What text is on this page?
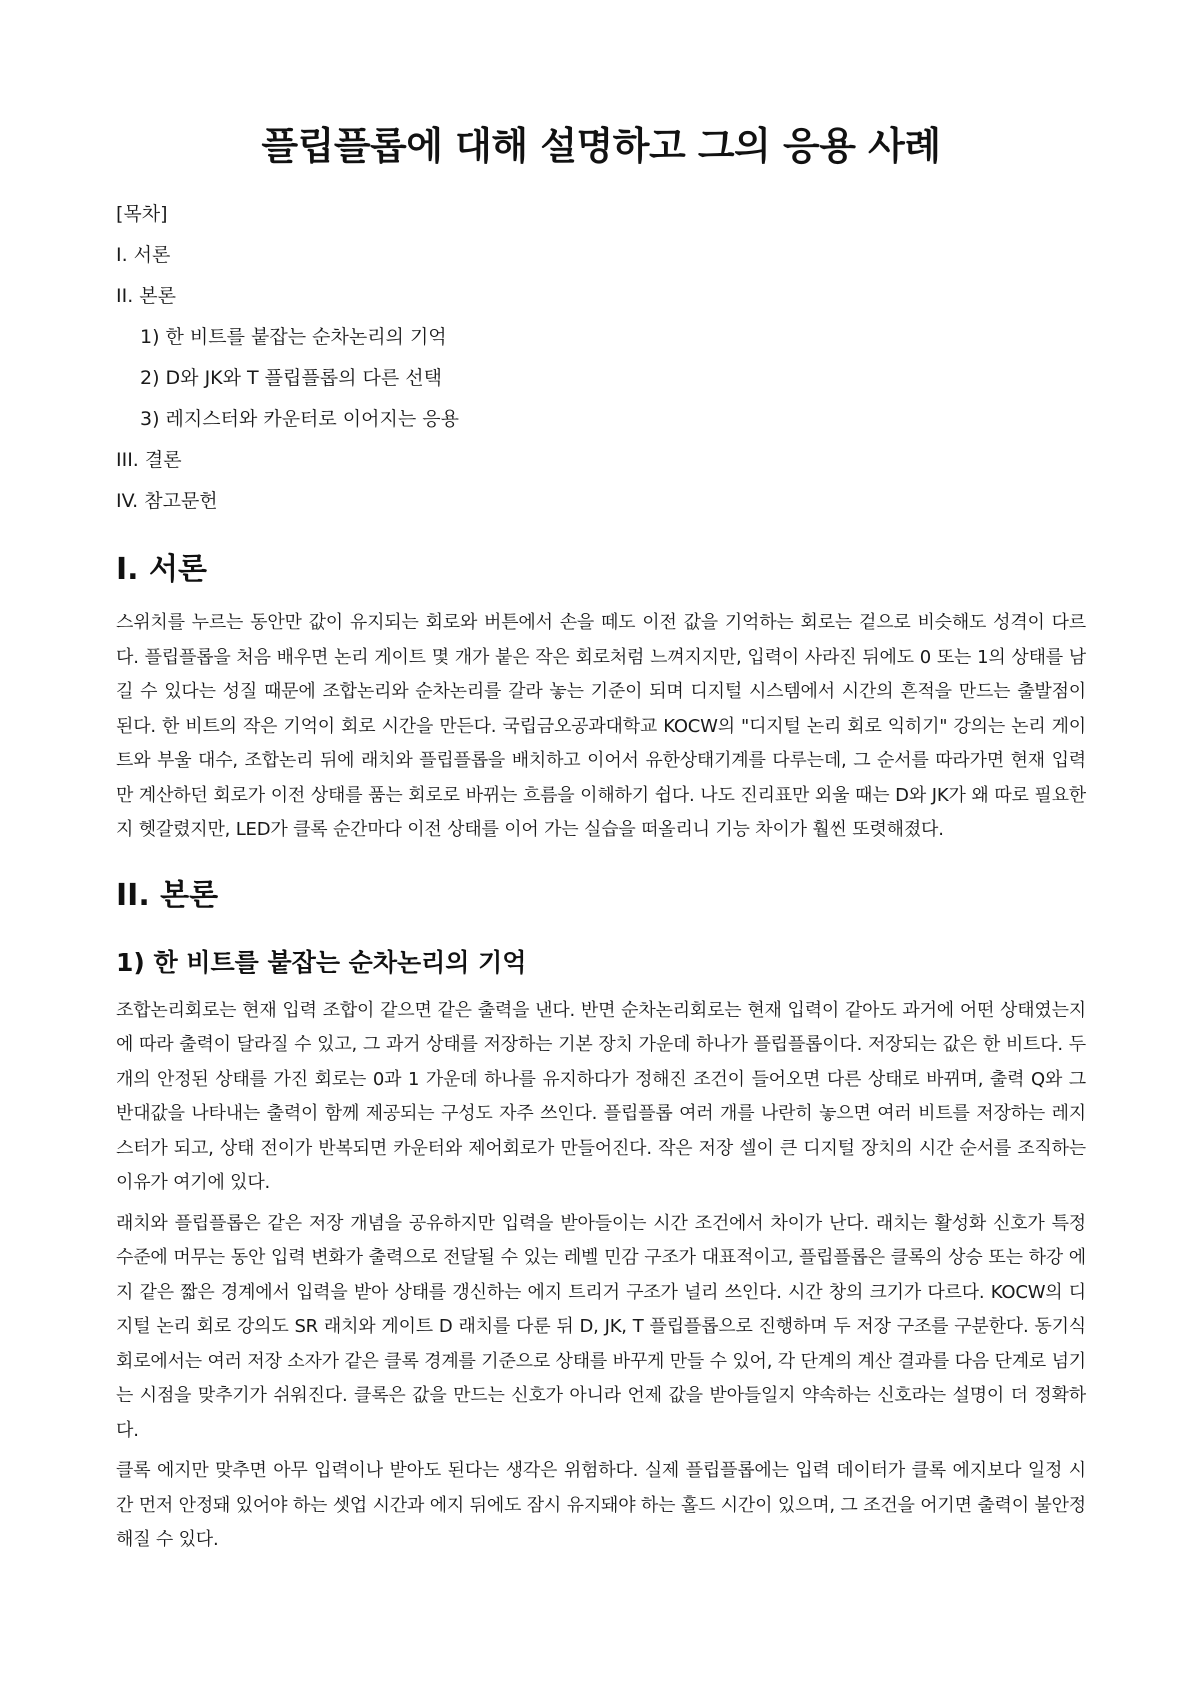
플립플롭에 대해 설명하고 그의 응용 사례
[목차]
I. 서론
II. 본론
1) 한 비트를 붙잡는 순차논리의 기억
2) D와 JK와 T 플립플롭의 다른 선택
3) 레지스터와 카운터로 이어지는 응용
III. 결론
IV. 참고문헌
I. 서론

스위치를 누르는 동안만 값이 유지되는 회로와 버튼에서 손을 떼도 이전 값을 기억하는 회로는 겉으로 비슷해도 성격이 다르다. 플립플롭을 처음 배우면 논리 게이트 몇 개가 붙은 작은 회로처럼 느껴지지만, 입력이 사라진 뒤에도 0 또는 1의 상태를 남길 수 있다는 성질 때문에 조합논리와 순차논리를 갈라 놓는 기준이 되며 디지털 시스템에서 시간의 흔적을 만드는 출발점이 된다. 한 비트의 작은 기억이 회로 시간을 만든다. 국립금오공과대학교 KOCW의 "디지털 논리 회로 익히기" 강의는 논리 게이트와 부울 대수, 조합논리 뒤에 래치와 플립플롭을 배치하고 이어서 유한상태기계를 다루는데, 그 순서를 따라가면 현재 입력만 계산하던 회로가 이전 상태를 품는 회로로 바뀌는 흐름을 이해하기 쉽다. 나도 진리표만 외울 때는 D와 JK가 왜 따로 필요한지 헷갈렸지만, LED가 클록 순간마다 이전 상태를 이어 가는 실습을 떠올리니 기능 차이가 훨씬 또렷해졌다.

II. 본론
1) 한 비트를 붙잡는 순차논리의 기억

조합논리회로는 현재 입력 조합이 같으면 같은 출력을 낸다. 반면 순차논리회로는 현재 입력이 같아도 과거에 어떤 상태였는지에 따라 출력이 달라질 수 있고, 그 과거 상태를 저장하는 기본 장치 가운데 하나가 플립플롭이다. 저장되는 값은 한 비트다. 두 개의 안정된 상태를 가진 회로는 0과 1 가운데 하나를 유지하다가 정해진 조건이 들어오면 다른 상태로 바뀌며, 출력 Q와 그 반대값을 나타내는 출력이 함께 제공되는 구성도 자주 쓰인다. 플립플롭 여러 개를 나란히 놓으면 여러 비트를 저장하는 레지스터가 되고, 상태 전이가 반복되면 카운터와 제어회로가 만들어진다. 작은 저장 셀이 큰 디지털 장치의 시간 순서를 조직하는 이유가 여기에 있다.

래치와 플립플롭은 같은 저장 개념을 공유하지만 입력을 받아들이는 시간 조건에서 차이가 난다. 래치는 활성화 신호가 특정 수준에 머무는 동안 입력 변화가 출력으로 전달될 수 있는 레벨 민감 구조가 대표적이고, 플립플롭은 클록의 상승 또는 하강 에지 같은 짧은 경계에서 입력을 받아 상태를 갱신하는 에지 트리거 구조가 널리 쓰인다. 시간 창의 크기가 다르다. KOCW의 디지털 논리 회로 강의도 SR 래치와 게이트 D 래치를 다룬 뒤 D, JK, T 플립플롭으로 진행하며 두 저장 구조를 구분한다. 동기식 회로에서는 여러 저장 소자가 같은 클록 경계를 기준으로 상태를 바꾸게 만들 수 있어, 각 단계의 계산 결과를 다음 단계로 넘기는 시점을 맞추기가 쉬워진다. 클록은 값을 만드는 신호가 아니라 언제 값을 받아들일지 약속하는 신호라는 설명이 더 정확하다.

클록 에지만 맞추면 아무 입력이나 받아도 된다는 생각은 위험하다. 실제 플립플롭에는 입력 데이터가 클록 에지보다 일정 시간 먼저 안정돼 있어야 하는 셋업 시간과 에지 뒤에도 잠시 유지돼야 하는 홀드 시간이 있으며, 그 조건을 어기면 출력이 불안정해질 수 있다.
